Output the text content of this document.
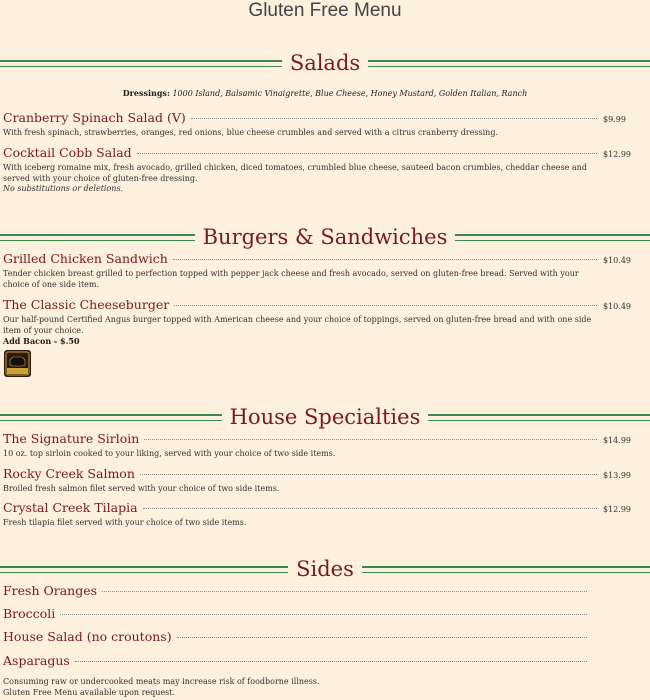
Gluten Free Menu
Salads
Dressings: 1000 Island, Balsamic Vinaigrette, Blue Cheese, Honey Mustard, Golden Italian, Ranch
Cranberry Spinach Salad (V)	$9.99
With fresh spinach, strawberries, oranges, red onions, blue cheese crumbles and served with a citrus cranberry dressing.
Cocktail Cobb Salad	$12.99
With iceberg romaine mix, fresh avocado, grilled chicken, diced tomatoes, crumbled blue cheese, sauteed bacon crumbles, cheddar cheese and served with your choice of gluten-free dressing.
No substitutions or deletions.
Burgers & Sandwiches
Grilled Chicken Sandwich	$10.49
Tender chicken breast grilled to perfection topped with pepper jack cheese and fresh avocado, served on gluten-free bread. Served with your choice of one side item.
The Classic Cheeseburger	$10.49
Our half-pound Certified Angus burger topped with American cheese and your choice of toppings, served on gluten-free bread and with one side item of your choice.
Add Bacon - $.50
House Specialties
The Signature Sirloin	$14.99
10 oz. top sirloin cooked to your liking, served with your choice of two side items.
Rocky Creek Salmon	$13.99
Broiled fresh salmon filet served with your choice of two side items.
Crystal Creek Tilapia	$12.99
Fresh tilapia filet served with your choice of two side items.
Sides
Fresh Oranges
Broccoli
House Salad (no croutons)
Asparagus
Consuming raw or undercooked meats may increase risk of foodborne illness.
Gluten Free Menu available upon request.
